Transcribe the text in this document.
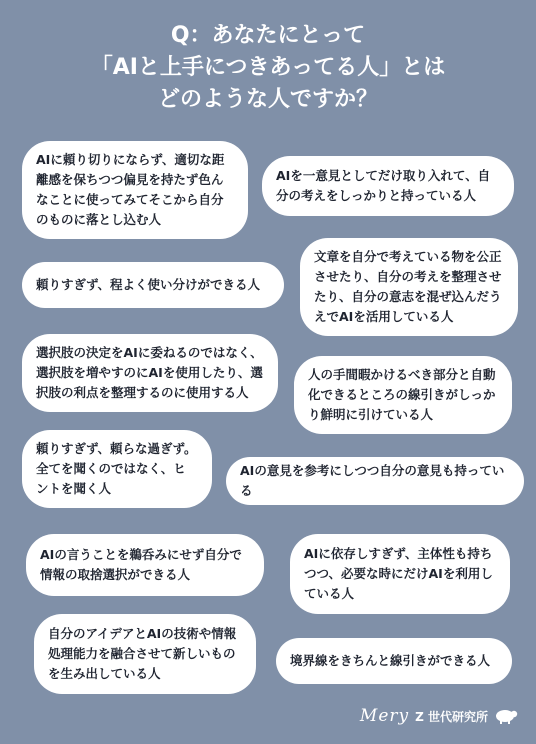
Q：あなたにとって
「AIと上手につきあってる人」とは
どのような人ですか？
AIに頼り切りにならず、適切な距離感を保ちつつ偏見を持たず色んなことに使ってみてそこから自分のものに落とし込む人
AIを一意見としてだけ取り入れて、自分の考えをしっかりと持っている人
頼りすぎず、程よく使い分けができる人
文章を自分で考えている物を公正させたり、自分の考えを整理させたり、自分の意志を混ぜ込んだうえでAIを活用している人
選択肢の決定をAIに委ねるのではなく、選択肢を増やすのにAIを使用したり、選択肢の利点を整理するのに使用する人
人の手間暇かけるべき部分と自動化できるところの線引きがしっかり鮮明に引けている人
頼りすぎず、頼らな過ぎず。全てを聞くのではなく、ヒントを聞く人
AIの意見を参考にしつつ自分の意見も持っている
AIの言うことを鵜呑みにせず自分で情報の取捨選択ができる人
AIに依存しすぎず、主体性も持ちつつ、必要な時にだけAIを利用している人
自分のアイデアとAIの技術や情報処理能力を融合させて新しいものを生み出している人
境界線をきちんと線引きができる人
Mery Z 世代研究所
